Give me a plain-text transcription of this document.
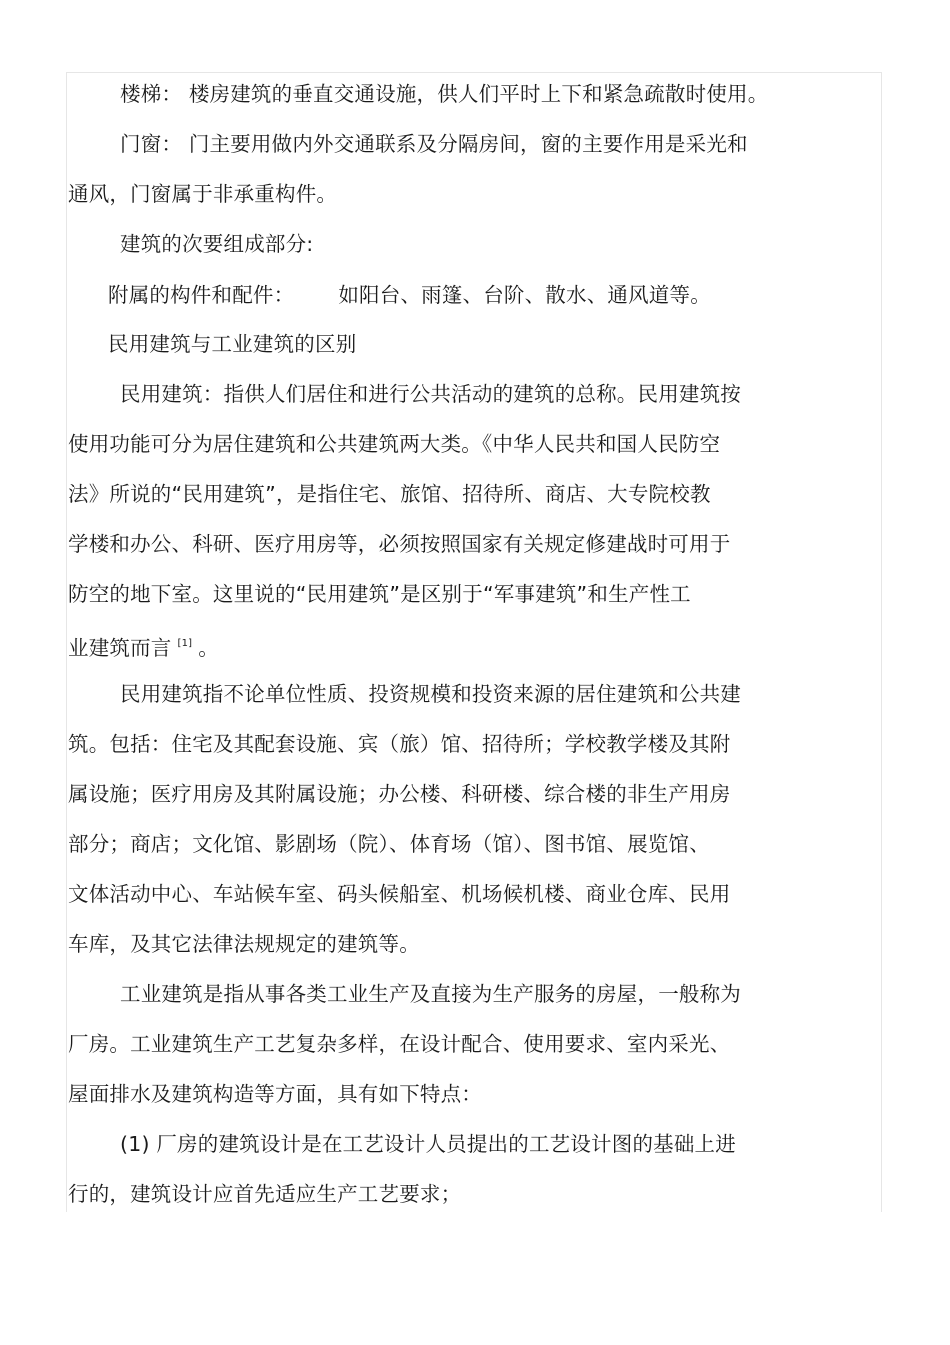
楼梯： 楼房建筑的垂直交通设施，供人们平时上下和紧急疏散时使用。
门窗： 门主要用做内外交通联系及分隔房间，窗的主要作用是采光和
通风，门窗属于非承重构件。
建筑的次要组成部分:
附属的构件和配件： 如阳台、雨篷、台阶、散水、通风道等。
民用建筑与工业建筑的区别
民用建筑：指供人们居住和进行公共活动的建筑的总称。民用建筑按
使用功能可分为居住建筑和公共建筑两大类。《中华人民共和国人民防空
法》所说的“民用建筑”，是指住宅、旅馆、招待所、商店、大专院校教
学楼和办公、科研、医疗用房等，必须按照国家有关规定修建战时可用于
防空的地下室。这里说的“民用建筑”是区别于“军事建筑”和生产性工
业建筑而言 [1] 。
民用建筑指不论单位性质、投资规模和投资来源的居住建筑和公共建
筑。包括：住宅及其配套设施、宾（旅）馆、招待所；学校教学楼及其附
属设施；医疗用房及其附属设施；办公楼、科研楼、综合楼的非生产用房
部分；商店；文化馆、影剧场（院）、体育场（馆）、图书馆、展览馆、
文体活动中心、车站候车室、码头候船室、机场候机楼、商业仓库、民用
车库，及其它法律法规规定的建筑等。
工业建筑是指从事各类工业生产及直接为生产服务的房屋，一般称为
厂房。工业建筑生产工艺复杂多样，在设计配合、使用要求、室内采光、
屋面排水及建筑构造等方面，具有如下特点：
(1) 厂房的建筑设计是在工艺设计人员提出的工艺设计图的基础上进
行的，建筑设计应首先适应生产工艺要求；
